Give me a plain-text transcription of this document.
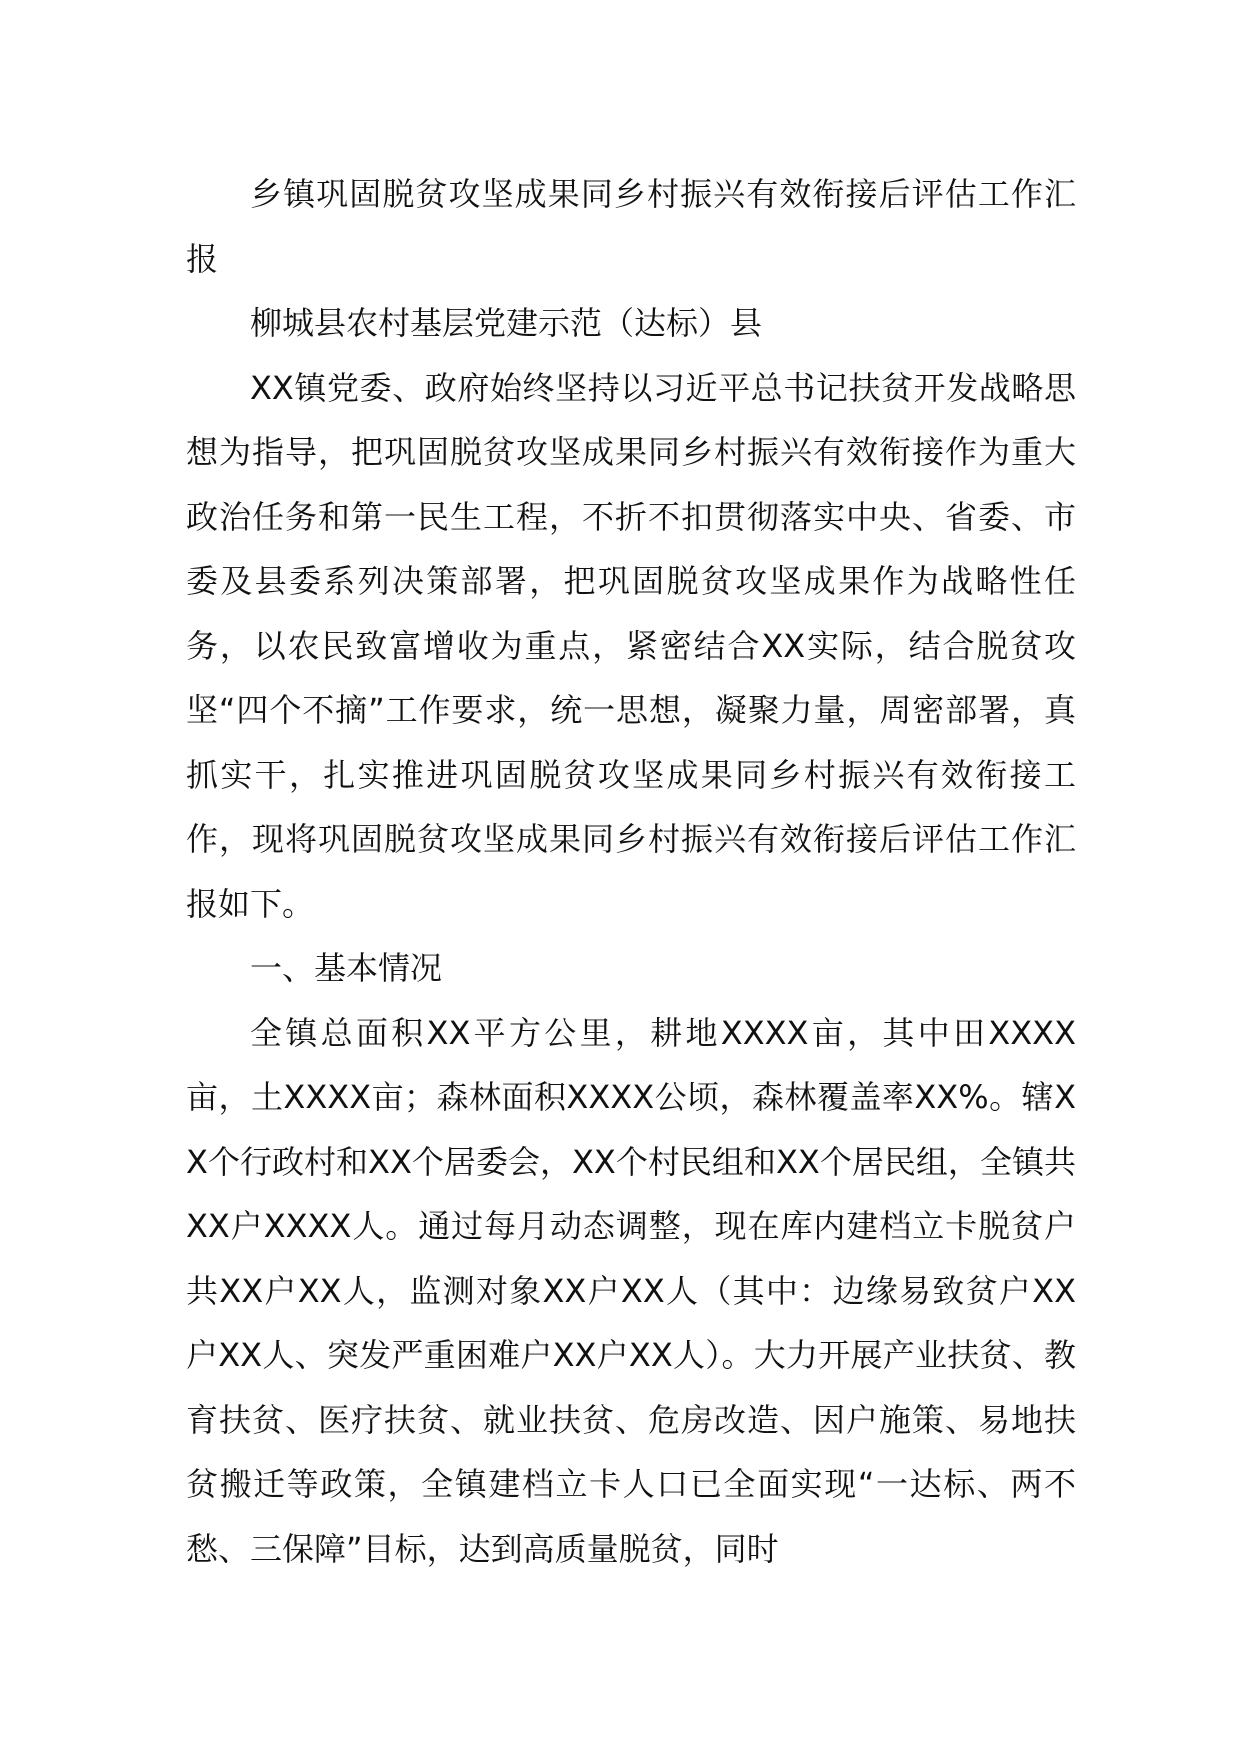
乡镇巩固脱贫攻坚成果同乡村振兴有效衔接后评估工作汇报

柳城县农村基层党建示范（达标）县

XX镇党委、政府始终坚持以习近平总书记扶贫开发战略思想为指导，把巩固脱贫攻坚成果同乡村振兴有效衔接作为重大政治任务和第一民生工程，不折不扣贯彻落实中央、省委、市委及县委系列决策部署，把巩固脱贫攻坚成果作为战略性任务，以农民致富增收为重点，紧密结合XX实际，结合脱贫攻坚“四个不摘”工作要求，统一思想，凝聚力量，周密部署，真抓实干，扎实推进巩固脱贫攻坚成果同乡村振兴有效衔接工作，现将巩固脱贫攻坚成果同乡村振兴有效衔接后评估工作汇报如下。

一、基本情况

全镇总面积XX平方公里，耕地XXXX亩，其中田XXXX亩，土XXXX亩；森林面积XXXX公顷，森林覆盖率XX%。辖XX个行政村和XX个居委会，XX个村民组和XX个居民组，全镇共XX户XXXX人。通过每月动态调整，现在库内建档立卡脱贫户共XX户XX人，监测对象XX户XX人（其中：边缘易致贫户XX户XX人、突发严重困难户XX户XX人）。大力开展产业扶贫、教育扶贫、医疗扶贫、就业扶贫、危房改造、因户施策、易地扶贫搬迁等政策，全镇建档立卡人口已全面实现“一达标、两不愁、三保障”目标，达到高质量脱贫，同时
